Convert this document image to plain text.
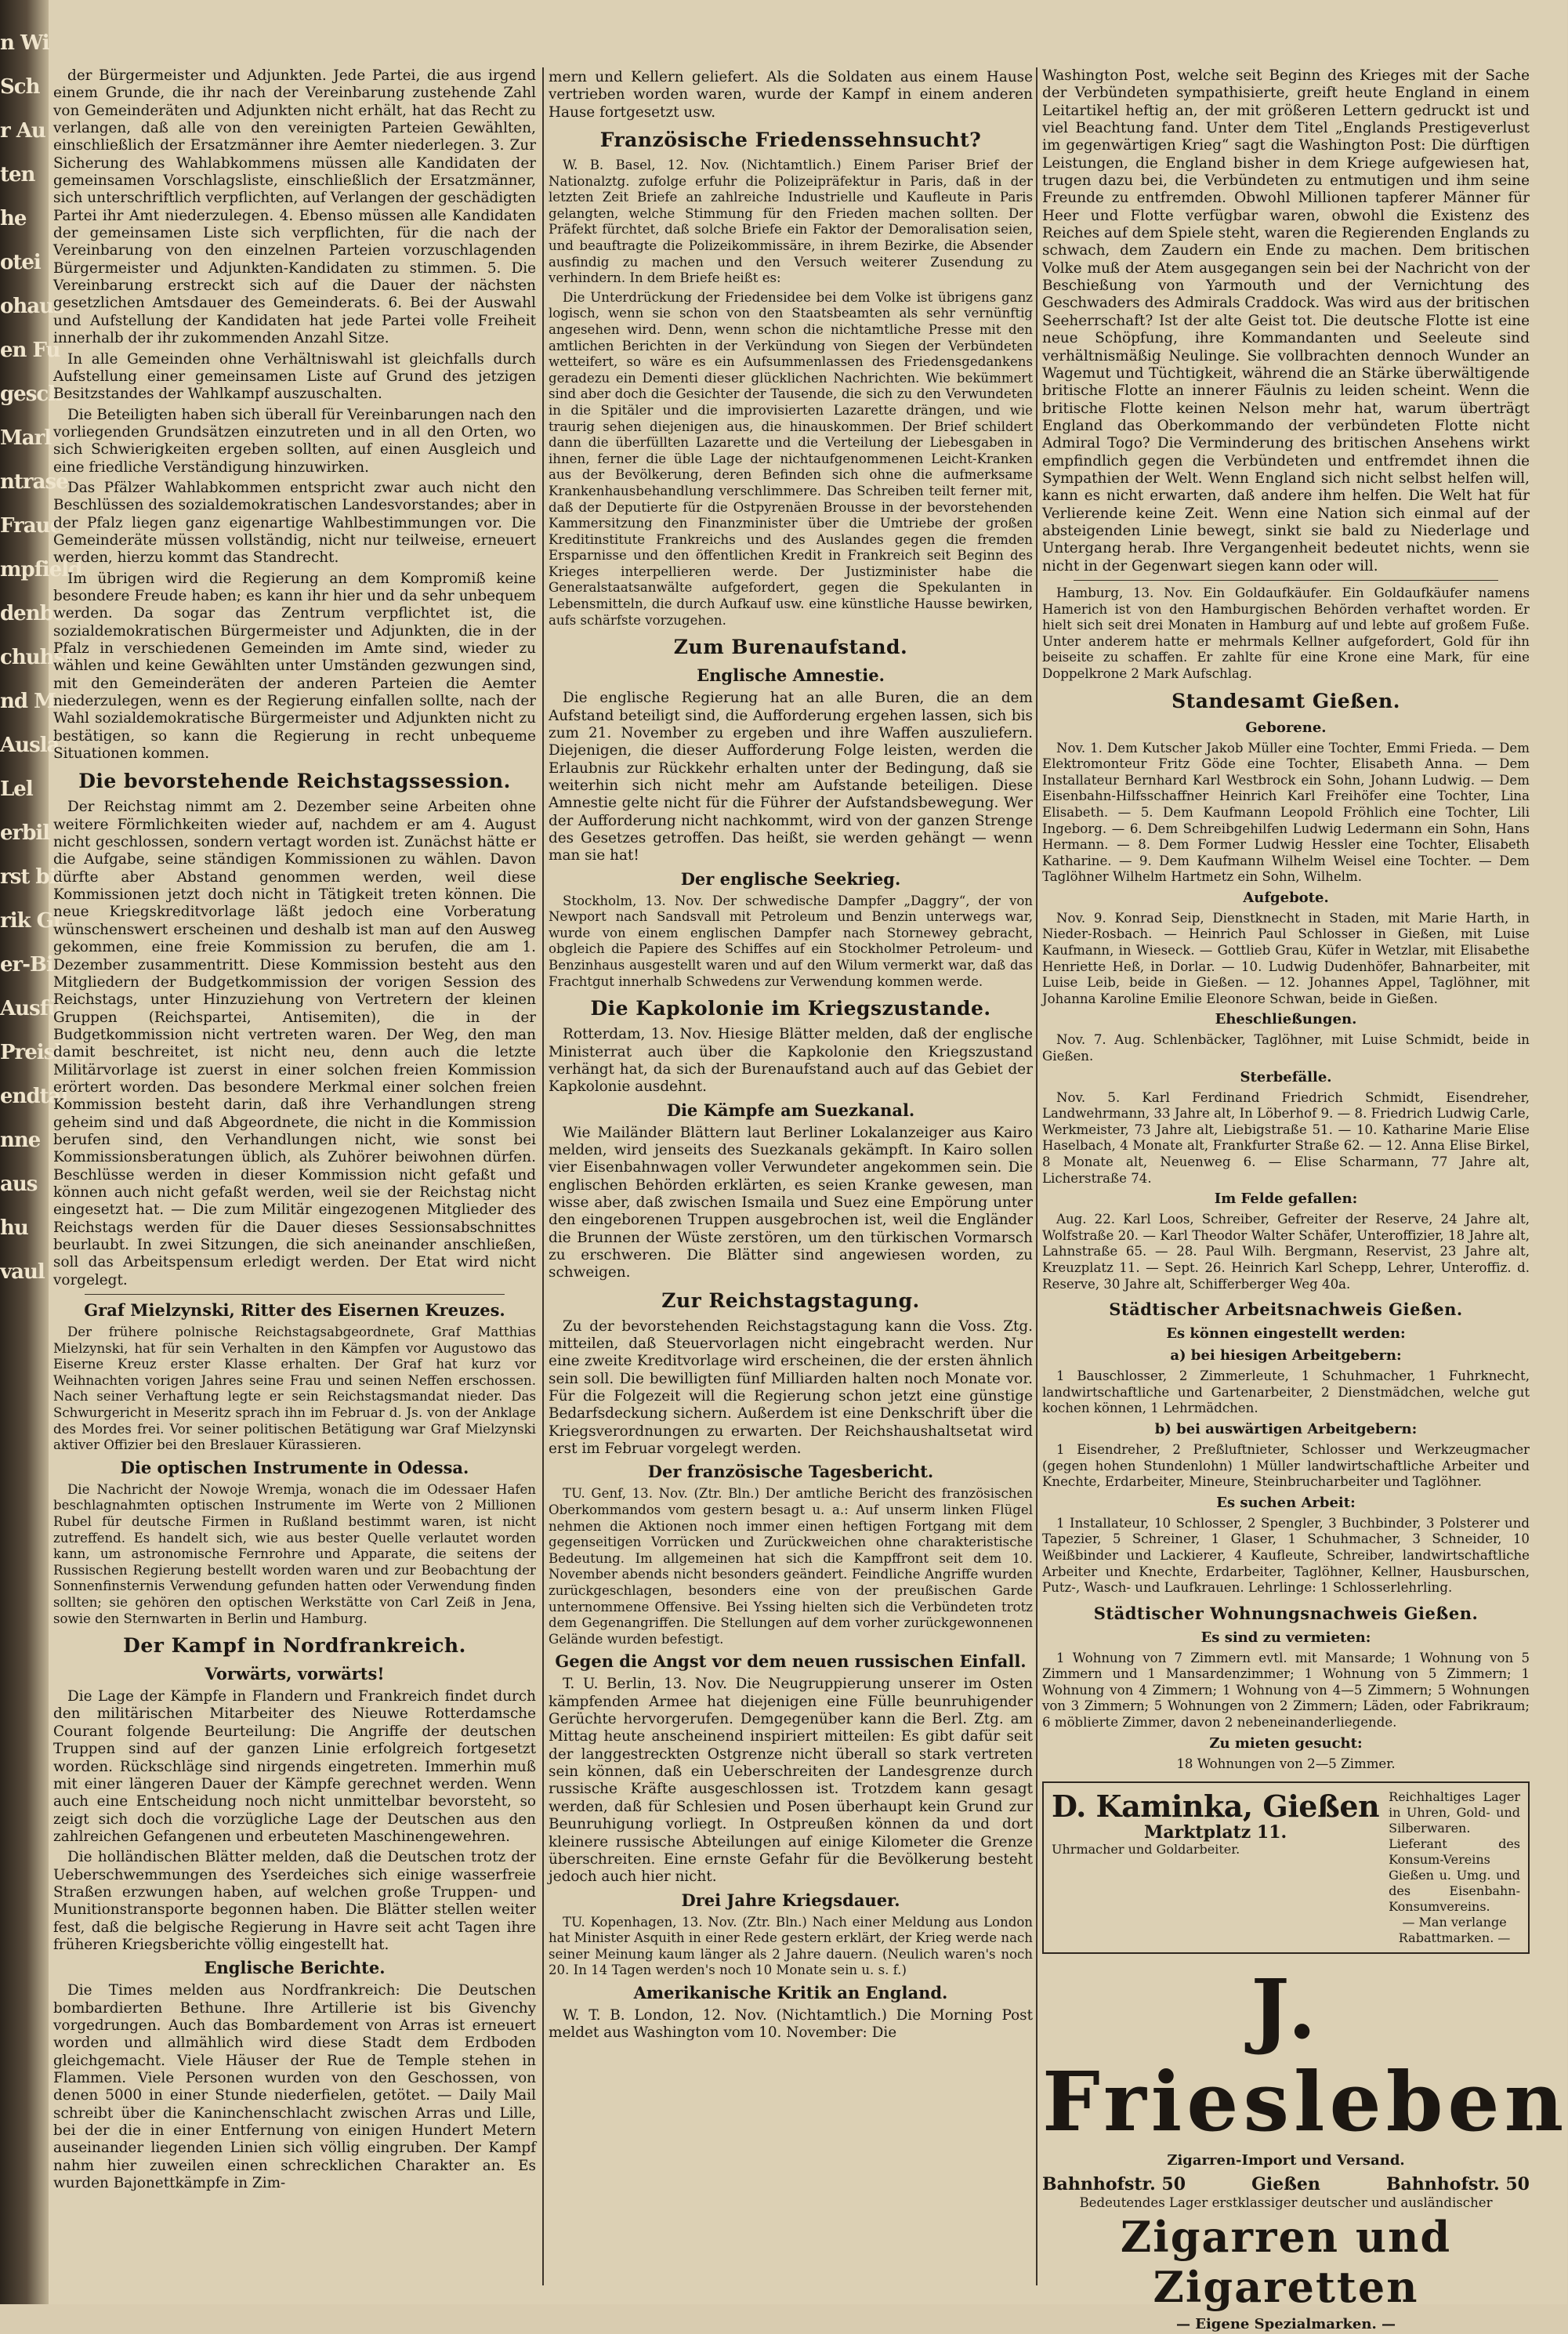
n Wi
Sch
r Au
ten
he
otei
ohaus
en Fu
gesch
Marl
ntrase
Fraue
mpfield
denbe
chuhst
nd Man
Ausla
Lel
erbil
rst bil
rik Gr
er-Bi
Ausfü
Preislag
endtal
nne
aus
hu
vaul

der Bürgermeister und Adjunkten. Jede Partei, die aus irgend einem Grunde, die ihr nach der Vereinbarung zustehende Zahl von Gemeinderäten und Adjunkten nicht erhält, hat das Recht zu verlangen, daß alle von den vereinigten Parteien Gewählten, einschließlich der Ersatzmänner ihre Aemter niederlegen. 3. Zur Sicherung des Wahlabkommens müssen alle Kandidaten der gemeinsamen Vorschlagsliste, einschließlich der Ersatzmänner, sich unterschriftlich verpflichten, auf Verlangen der geschädigten Partei ihr Amt niederzulegen. 4. Ebenso müssen alle Kandidaten der gemeinsamen Liste sich verpflichten, für die nach der Vereinbarung von den einzelnen Parteien vorzuschlagenden Bürgermeister und Adjunkten-Kandidaten zu stimmen. 5. Die Vereinbarung erstreckt sich auf die Dauer der nächsten gesetzlichen Amtsdauer des Gemeinderats. 6. Bei der Auswahl und Aufstellung der Kandidaten hat jede Partei volle Freiheit innerhalb der ihr zukommenden Anzahl Sitze.

In alle Gemeinden ohne Verhältniswahl ist gleichfalls durch Aufstellung einer gemeinsamen Liste auf Grund des jetzigen Besitzstandes der Wahlkampf auszuschalten.

Die Beteiligten haben sich überall für Vereinbarungen nach den vorliegenden Grundsätzen einzutreten und in all den Orten, wo sich Schwierigkeiten ergeben sollten, auf einen Ausgleich und eine friedliche Verständigung hinzuwirken.

Das Pfälzer Wahlabkommen entspricht zwar auch nicht den Beschlüssen des sozialdemokratischen Landesvorstandes; aber in der Pfalz liegen ganz eigenartige Wahlbestimmungen vor. Die Gemeinderäte müssen vollständig, nicht nur teilweise, erneuert werden, hierzu kommt das Standrecht.

Im übrigen wird die Regierung an dem Kompromiß keine besondere Freude haben; es kann ihr hier und da sehr unbequem werden. Da sogar das Zentrum verpflichtet ist, die sozialdemokratischen Bürgermeister und Adjunkten, die in der Pfalz in verschiedenen Gemeinden im Amte sind, wieder zu wählen und keine Gewählten unter Umständen gezwungen sind, mit den Gemeinderäten der anderen Parteien die Aemter niederzulegen, wenn es der Regierung einfallen sollte, nach der Wahl sozialdemokratische Bürgermeister und Adjunkten nicht zu bestätigen, so kann die Regierung in recht unbequeme Situationen kommen.

Die bevorstehende Reichstagssession.

Der Reichstag nimmt am 2. Dezember seine Arbeiten ohne weitere Förmlichkeiten wieder auf, nachdem er am 4. August nicht geschlossen, sondern vertagt worden ist. Zunächst hätte er die Aufgabe, seine ständigen Kommissionen zu wählen. Davon dürfte aber Abstand genommen werden, weil diese Kommissionen jetzt doch nicht in Tätigkeit treten können. Die neue Kriegskreditvorlage läßt jedoch eine Vorberatung wünschenswert erscheinen und deshalb ist man auf den Ausweg gekommen, eine freie Kommission zu berufen, die am 1. Dezember zusammentritt. Diese Kommission besteht aus den Mitgliedern der Budgetkommission der vorigen Session des Reichstags, unter Hinzuziehung von Vertretern der kleinen Gruppen (Reichspartei, Antisemiten), die in der Budgetkommission nicht vertreten waren. Der Weg, den man damit beschreitet, ist nicht neu, denn auch die letzte Militärvorlage ist zuerst in einer solchen freien Kommission erörtert worden. Das besondere Merkmal einer solchen freien Kommission besteht darin, daß ihre Verhandlungen streng geheim sind und daß Abgeordnete, die nicht in die Kommission berufen sind, den Verhandlungen nicht, wie sonst bei Kommissionsberatungen üblich, als Zuhörer beiwohnen dürfen. Beschlüsse werden in dieser Kommission nicht gefaßt und können auch nicht gefaßt werden, weil sie der Reichstag nicht eingesetzt hat. — Die zum Militär eingezogenen Mitglieder des Reichstags werden für die Dauer dieses Sessionsabschnittes beurlaubt. In zwei Sitzungen, die sich aneinander anschließen, soll das Arbeitspensum erledigt werden. Der Etat wird nicht vorgelegt.

Graf Mielzynski, Ritter des Eisernen Kreuzes.

Der frühere polnische Reichstagsabgeordnete, Graf Matthias Mielzynski, hat für sein Verhalten in den Kämpfen vor Augustowo das Eiserne Kreuz erster Klasse erhalten. Der Graf hat kurz vor Weihnachten vorigen Jahres seine Frau und seinen Neffen erschossen. Nach seiner Verhaftung legte er sein Reichstagsmandat nieder. Das Schwurgericht in Meseritz sprach ihn im Februar d. Js. von der Anklage des Mordes frei. Vor seiner politischen Betätigung war Graf Mielzynski aktiver Offizier bei den Breslauer Kürassieren.

Die optischen Instrumente in Odessa.

Die Nachricht der Nowoje Wremja, wonach die im Odessaer Hafen beschlagnahmten optischen Instrumente im Werte von 2 Millionen Rubel für deutsche Firmen in Rußland bestimmt waren, ist nicht zutreffend. Es handelt sich, wie aus bester Quelle verlautet worden kann, um astronomische Fernrohre und Apparate, die seitens der Russischen Regierung bestellt worden waren und zur Beobachtung der Sonnenfinsternis Verwendung gefunden hatten oder Verwendung finden sollten; sie gehören den optischen Werkstätte von Carl Zeiß in Jena, sowie den Sternwarten in Berlin und Hamburg.

Der Kampf in Nordfrankreich.
Vorwärts, vorwärts!

Die Lage der Kämpfe in Flandern und Frankreich findet durch den militärischen Mitarbeiter des Nieuwe Rotterdamsche Courant folgende Beurteilung: Die Angriffe der deutschen Truppen sind auf der ganzen Linie erfolgreich fortgesetzt worden. Rückschläge sind nirgends eingetreten. Immerhin muß mit einer längeren Dauer der Kämpfe gerechnet werden. Wenn auch eine Entscheidung noch nicht unmittelbar bevorsteht, so zeigt sich doch die vorzügliche Lage der Deutschen aus den zahlreichen Gefangenen und erbeuteten Maschinengewehren.

Die holländischen Blätter melden, daß die Deutschen trotz der Ueberschwemmungen des Yserdeiches sich einige wasserfreie Straßen erzwungen haben, auf welchen große Truppen- und Munitionstransporte begonnen haben. Die Blätter stellen weiter fest, daß die belgische Regierung in Havre seit acht Tagen ihre früheren Kriegsberichte völlig eingestellt hat.

Englische Berichte.

Die Times melden aus Nordfrankreich: Die Deutschen bombardierten Bethune. Ihre Artillerie ist bis Givenchy vorgedrungen. Auch das Bombardement von Arras ist erneuert worden und allmählich wird diese Stadt dem Erdboden gleichgemacht. Viele Häuser der Rue de Temple stehen in Flammen. Viele Personen wurden von den Geschossen, von denen 5000 in einer Stunde niederfielen, getötet. — Daily Mail schreibt über die Kaninchenschlacht zwischen Arras und Lille, bei der die in einer Entfernung von einigen Hundert Metern auseinander liegenden Linien sich völlig eingruben. Der Kampf nahm hier zuweilen einen schrecklichen Charakter an. Es wurden Bajonettkämpfe in Zim-

mern und Kellern geliefert. Als die Soldaten aus einem Hause vertrieben worden waren, wurde der Kampf in einem anderen Hause fortgesetzt usw.

Französische Friedenssehnsucht?

W. B. Basel, 12. Nov. (Nichtamtlich.) Einem Pariser Brief der Nationalztg. zufolge erfuhr die Polizeipräfektur in Paris, daß in der letzten Zeit Briefe an zahlreiche Industrielle und Kaufleute in Paris gelangten, welche Stimmung für den Frieden machen sollten. Der Präfekt fürchtet, daß solche Briefe ein Faktor der Demoralisation seien, und beauftragte die Polizeikommissäre, in ihrem Bezirke, die Absender ausfindig zu machen und den Versuch weiterer Zusendung zu verhindern. In dem Briefe heißt es:

Die Unterdrückung der Friedensidee bei dem Volke ist übrigens ganz logisch, wenn sie schon von den Staatsbeamten als sehr vernünftig angesehen wird. Denn, wenn schon die nichtamtliche Presse mit den amtlichen Berichten in der Verkündung von Siegen der Verbündeten wetteifert, so wäre es ein Aufsummenlassen des Friedensgedankens geradezu ein Dementi dieser glücklichen Nachrichten. Wie bekümmert sind aber doch die Gesichter der Tausende, die sich zu den Verwundeten in die Spitäler und die improvisierten Lazarette drängen, und wie traurig sehen diejenigen aus, die hinauskommen. Der Brief schildert dann die überfüllten Lazarette und die Verteilung der Liebesgaben in ihnen, ferner die üble Lage der nichtaufgenommenen Leicht-Kranken aus der Bevölkerung, deren Befinden sich ohne die aufmerksame Krankenhausbehandlung verschlimmere. Das Schreiben teilt ferner mit, daß der Deputierte für die Ostpyrenäen Brousse in der bevorstehenden Kammersitzung den Finanzminister über die Umtriebe der großen Kreditinstitute Frankreichs und des Auslandes gegen die fremden Ersparnisse und den öffentlichen Kredit in Frankreich seit Beginn des Krieges interpellieren werde. Der Justizminister habe die Generalstaatsanwälte aufgefordert, gegen die Spekulanten in Lebensmitteln, die durch Aufkauf usw. eine künstliche Hausse bewirken, aufs schärfste vorzugehen.

Zum Burenaufstand.
Englische Amnestie.

Die englische Regierung hat an alle Buren, die an dem Aufstand beteiligt sind, die Aufforderung ergehen lassen, sich bis zum 21. November zu ergeben und ihre Waffen auszuliefern. Diejenigen, die dieser Aufforderung Folge leisten, werden die Erlaubnis zur Rückkehr erhalten unter der Bedingung, daß sie weiterhin sich nicht mehr am Aufstande beteiligen. Diese Amnestie gelte nicht für die Führer der Aufstandsbewegung. Wer der Aufforderung nicht nachkommt, wird von der ganzen Strenge des Gesetzes getroffen. Das heißt, sie werden gehängt — wenn man sie hat!

Der englische Seekrieg.

Stockholm, 13. Nov. Der schwedische Dampfer „Daggry“, der von Newport nach Sandsvall mit Petroleum und Benzin unterwegs war, wurde von einem englischen Dampfer nach Stornewey gebracht, obgleich die Papiere des Schiffes auf ein Stockholmer Petroleum- und Benzinhaus ausgestellt waren und auf den Wilum vermerkt war, daß das Frachtgut innerhalb Schwedens zur Verwendung kommen werde.

Die Kapkolonie im Kriegszustande.

Rotterdam, 13. Nov. Hiesige Blätter melden, daß der englische Ministerrat auch über die Kapkolonie den Kriegszustand verhängt hat, da sich der Burenaufstand auch auf das Gebiet der Kapkolonie ausdehnt.

Die Kämpfe am Suezkanal.

Wie Mailänder Blättern laut Berliner Lokalanzeiger aus Kairo melden, wird jenseits des Suezkanals gekämpft. In Kairo sollen vier Eisenbahnwagen voller Verwundeter angekommen sein. Die englischen Behörden erklärten, es seien Kranke gewesen, man wisse aber, daß zwischen Ismaila und Suez eine Empörung unter den eingeborenen Truppen ausgebrochen ist, weil die Engländer die Brunnen der Wüste zerstören, um den türkischen Vormarsch zu erschweren. Die Blätter sind angewiesen worden, zu schweigen.

Zur Reichstagstagung.

Zu der bevorstehenden Reichstagstagung kann die Voss. Ztg. mitteilen, daß Steuervorlagen nicht eingebracht werden. Nur eine zweite Kreditvorlage wird erscheinen, die der ersten ähnlich sein soll. Die bewilligten fünf Milliarden halten noch Monate vor. Für die Folgezeit will die Regierung schon jetzt eine günstige Bedarfsdeckung sichern. Außerdem ist eine Denkschrift über die Kriegsverordnungen zu erwarten. Der Reichshaushaltsetat wird erst im Februar vorgelegt werden.

Der französische Tagesbericht.

TU. Genf, 13. Nov. (Ztr. Bln.) Der amtliche Bericht des französischen Oberkommandos vom gestern besagt u. a.: Auf unserm linken Flügel nehmen die Aktionen noch immer einen heftigen Fortgang mit dem gegenseitigen Vorrücken und Zurückweichen ohne charakteristische Bedeutung. Im allgemeinen hat sich die Kampffront seit dem 10. November abends nicht besonders geändert. Feindliche Angriffe wurden zurückgeschlagen, besonders eine von der preußischen Garde unternommene Offensive. Bei Yssing hielten sich die Verbündeten trotz dem Gegenangriffen. Die Stellungen auf dem vorher zurückgewonnenen Gelände wurden befestigt.

Gegen die Angst vor dem neuen russischen Einfall.

T. U. Berlin, 13. Nov. Die Neugruppierung unserer im Osten kämpfenden Armee hat diejenigen eine Fülle beunruhigender Gerüchte hervorgerufen. Demgegenüber kann die Berl. Ztg. am Mittag heute anscheinend inspiriert mitteilen: Es gibt dafür seit der langgestreckten Ostgrenze nicht überall so stark vertreten sein können, daß ein Ueberschreiten der Landesgrenze durch russische Kräfte ausgeschlossen ist. Trotzdem kann gesagt werden, daß für Schlesien und Posen überhaupt kein Grund zur Beunruhigung vorliegt. In Ostpreußen können da und dort kleinere russische Abteilungen auf einige Kilometer die Grenze überschreiten. Eine ernste Gefahr für die Bevölkerung besteht jedoch auch hier nicht.

Drei Jahre Kriegsdauer.

TU. Kopenhagen, 13. Nov. (Ztr. Bln.) Nach einer Meldung aus London hat Minister Asquith in einer Rede gestern erklärt, der Krieg werde nach seiner Meinung kaum länger als 2 Jahre dauern. (Neulich waren's noch 20. In 14 Tagen werden's noch 10 Monate sein u. s. f.)

Amerikanische Kritik an England.

W. T. B. London, 12. Nov. (Nichtamtlich.) Die Morning Post meldet aus Washington vom 10. November: Die

Washington Post, welche seit Beginn des Krieges mit der Sache der Verbündeten sympathisierte, greift heute England in einem Leitartikel heftig an, der mit größeren Lettern gedruckt ist und viel Beachtung fand. Unter dem Titel „Englands Prestigeverlust im gegenwärtigen Krieg“ sagt die Washington Post: Die dürftigen Leistungen, die England bisher in dem Kriege aufgewiesen hat, trugen dazu bei, die Verbündeten zu entmutigen und ihm seine Freunde zu entfremden. Obwohl Millionen tapferer Männer für Heer und Flotte verfügbar waren, obwohl die Existenz des Reiches auf dem Spiele steht, waren die Regierenden Englands zu schwach, dem Zaudern ein Ende zu machen. Dem britischen Volke muß der Atem ausgegangen sein bei der Nachricht von der Beschießung von Yarmouth und der Vernichtung des Geschwaders des Admirals Craddock. Was wird aus der britischen Seeherrschaft? Ist der alte Geist tot. Die deutsche Flotte ist eine neue Schöpfung, ihre Kommandanten und Seeleute sind verhältnismäßig Neulinge. Sie vollbrachten dennoch Wunder an Wagemut und Tüchtigkeit, während die an Stärke überwältigende britische Flotte an innerer Fäulnis zu leiden scheint. Wenn die britische Flotte keinen Nelson mehr hat, warum überträgt England das Oberkommando der verbündeten Flotte nicht Admiral Togo? Die Verminderung des britischen Ansehens wirkt empfindlich gegen die Verbündeten und entfremdet ihnen die Sympathien der Welt. Wenn England sich nicht selbst helfen will, kann es nicht erwarten, daß andere ihm helfen. Die Welt hat für Verlierende keine Zeit. Wenn eine Nation sich einmal auf der absteigenden Linie bewegt, sinkt sie bald zu Niederlage und Untergang herab. Ihre Vergangenheit bedeutet nichts, wenn sie nicht in der Gegenwart siegen kann oder will.

Hamburg, 13. Nov. Ein Goldaufkäufer. Ein Goldaufkäufer namens Hamerich ist von den Hamburgischen Behörden verhaftet worden. Er hielt sich seit drei Monaten in Hamburg auf und lebte auf großem Fuße. Unter anderem hatte er mehrmals Kellner aufgefordert, Gold für ihn beiseite zu schaffen. Er zahlte für eine Krone eine Mark, für eine Doppelkrone 2 Mark Aufschlag.

Standesamt Gießen.
Geborene.

Nov. 1. Dem Kutscher Jakob Müller eine Tochter, Emmi Frieda. — Dem Elektromonteur Fritz Göde eine Tochter, Elisabeth Anna. — Dem Installateur Bernhard Karl Westbrock ein Sohn, Johann Ludwig. — Dem Eisenbahn-Hilfsschaffner Heinrich Karl Freihöfer eine Tochter, Lina Elisabeth. — 5. Dem Kaufmann Leopold Fröhlich eine Tochter, Lili Ingeborg. — 6. Dem Schreibgehilfen Ludwig Ledermann ein Sohn, Hans Hermann. — 8. Dem Former Ludwig Hessler eine Tochter, Elisabeth Katharine. — 9. Dem Kaufmann Wilhelm Weisel eine Tochter. — Dem Taglöhner Wilhelm Hartmetz ein Sohn, Wilhelm.

Aufgebote.

Nov. 9. Konrad Seip, Dienstknecht in Staden, mit Marie Harth, in Nieder-Rosbach. — Heinrich Paul Schlosser in Gießen, mit Luise Kaufmann, in Wieseck. — Gottlieb Grau, Küfer in Wetzlar, mit Elisabethe Henriette Heß, in Dorlar. — 10. Ludwig Dudenhöfer, Bahnarbeiter, mit Luise Leib, beide in Gießen. — 12. Johannes Appel, Taglöhner, mit Johanna Karoline Emilie Eleonore Schwan, beide in Gießen.

Eheschließungen.

Nov. 7. Aug. Schlenbäcker, Taglöhner, mit Luise Schmidt, beide in Gießen.

Sterbefälle.

Nov. 5. Karl Ferdinand Friedrich Schmidt, Eisendreher, Landwehrmann, 33 Jahre alt, In Löberhof 9. — 8. Friedrich Ludwig Carle, Werkmeister, 73 Jahre alt, Liebigstraße 51. — 10. Katharine Marie Elise Haselbach, 4 Monate alt, Frankfurter Straße 62. — 12. Anna Elise Birkel, 8 Monate alt, Neuenweg 6. — Elise Scharmann, 77 Jahre alt, Licherstraße 74.

Im Felde gefallen:

Aug. 22. Karl Loos, Schreiber, Gefreiter der Reserve, 24 Jahre alt, Wolfstraße 20. — Karl Theodor Walter Schäfer, Unteroffizier, 18 Jahre alt, Lahnstraße 65. — 28. Paul Wilh. Bergmann, Reservist, 23 Jahre alt, Kreuzplatz 11. — Sept. 26. Heinrich Karl Schepp, Lehrer, Unteroffiz. d. Reserve, 30 Jahre alt, Schifferberger Weg 40a.

Städtischer Arbeitsnachweis Gießen.
Es können eingestellt werden:
a) bei hiesigen Arbeitgebern:

1 Bauschlosser, 2 Zimmerleute, 1 Schuhmacher, 1 Fuhrknecht, landwirtschaftliche und Gartenarbeiter, 2 Dienstmädchen, welche gut kochen können, 1 Lehrmädchen.

b) bei auswärtigen Arbeitgebern:

1 Eisendreher, 2 Preßluftnieter, Schlosser und Werkzeugmacher (gegen hohen Stundenlohn) 1 Müller landwirtschaftliche Arbeiter und Knechte, Erdarbeiter, Mineure, Steinbrucharbeiter und Taglöhner.

Es suchen Arbeit:

1 Installateur, 10 Schlosser, 2 Spengler, 3 Buchbinder, 3 Polsterer und Tapezier, 5 Schreiner, 1 Glaser, 1 Schuhmacher, 3 Schneider, 10 Weißbinder und Lackierer, 4 Kaufleute, Schreiber, landwirtschaftliche Arbeiter und Knechte, Erdarbeiter, Taglöhner, Kellner, Hausburschen, Putz-, Wasch- und Laufkrauen. Lehrlinge: 1 Schlosserlehrling.

Städtischer Wohnungsnachweis Gießen.
Es sind zu vermieten:

1 Wohnung von 7 Zimmern evtl. mit Mansarde; 1 Wohnung von 5 Zimmern und 1 Mansardenzimmer; 1 Wohnung von 5 Zimmern; 1 Wohnung von 4 Zimmern; 1 Wohnung von 4—5 Zimmern; 5 Wohnungen von 3 Zimmern; 5 Wohnungen von 2 Zimmern; Läden, oder Fabrikraum; 6 möblierte Zimmer, davon 2 nebeneinanderliegende.

Zu mieten gesucht:

18 Wohnungen von 2—5 Zimmer.

D. Kaminka, Gießen
Marktplatz 11.
Uhrmacher und Goldarbeiter.
Reichhaltiges Lager in Uhren, Gold- und Silberwaren. Lieferant des Konsum-Vereins Gießen u. Umg. und des Eisenbahn-Konsumvereins.
— Man verlange Rabattmarken. —
J. Friesleben
Zigarren-Import und Versand.
Bahnhofstr. 50	Gießen	Bahnhofstr. 50
Bedeutendes Lager erstklassiger deutscher und ausländischer
Zigarren und Zigaretten
— Eigene Spezialmarken. —
